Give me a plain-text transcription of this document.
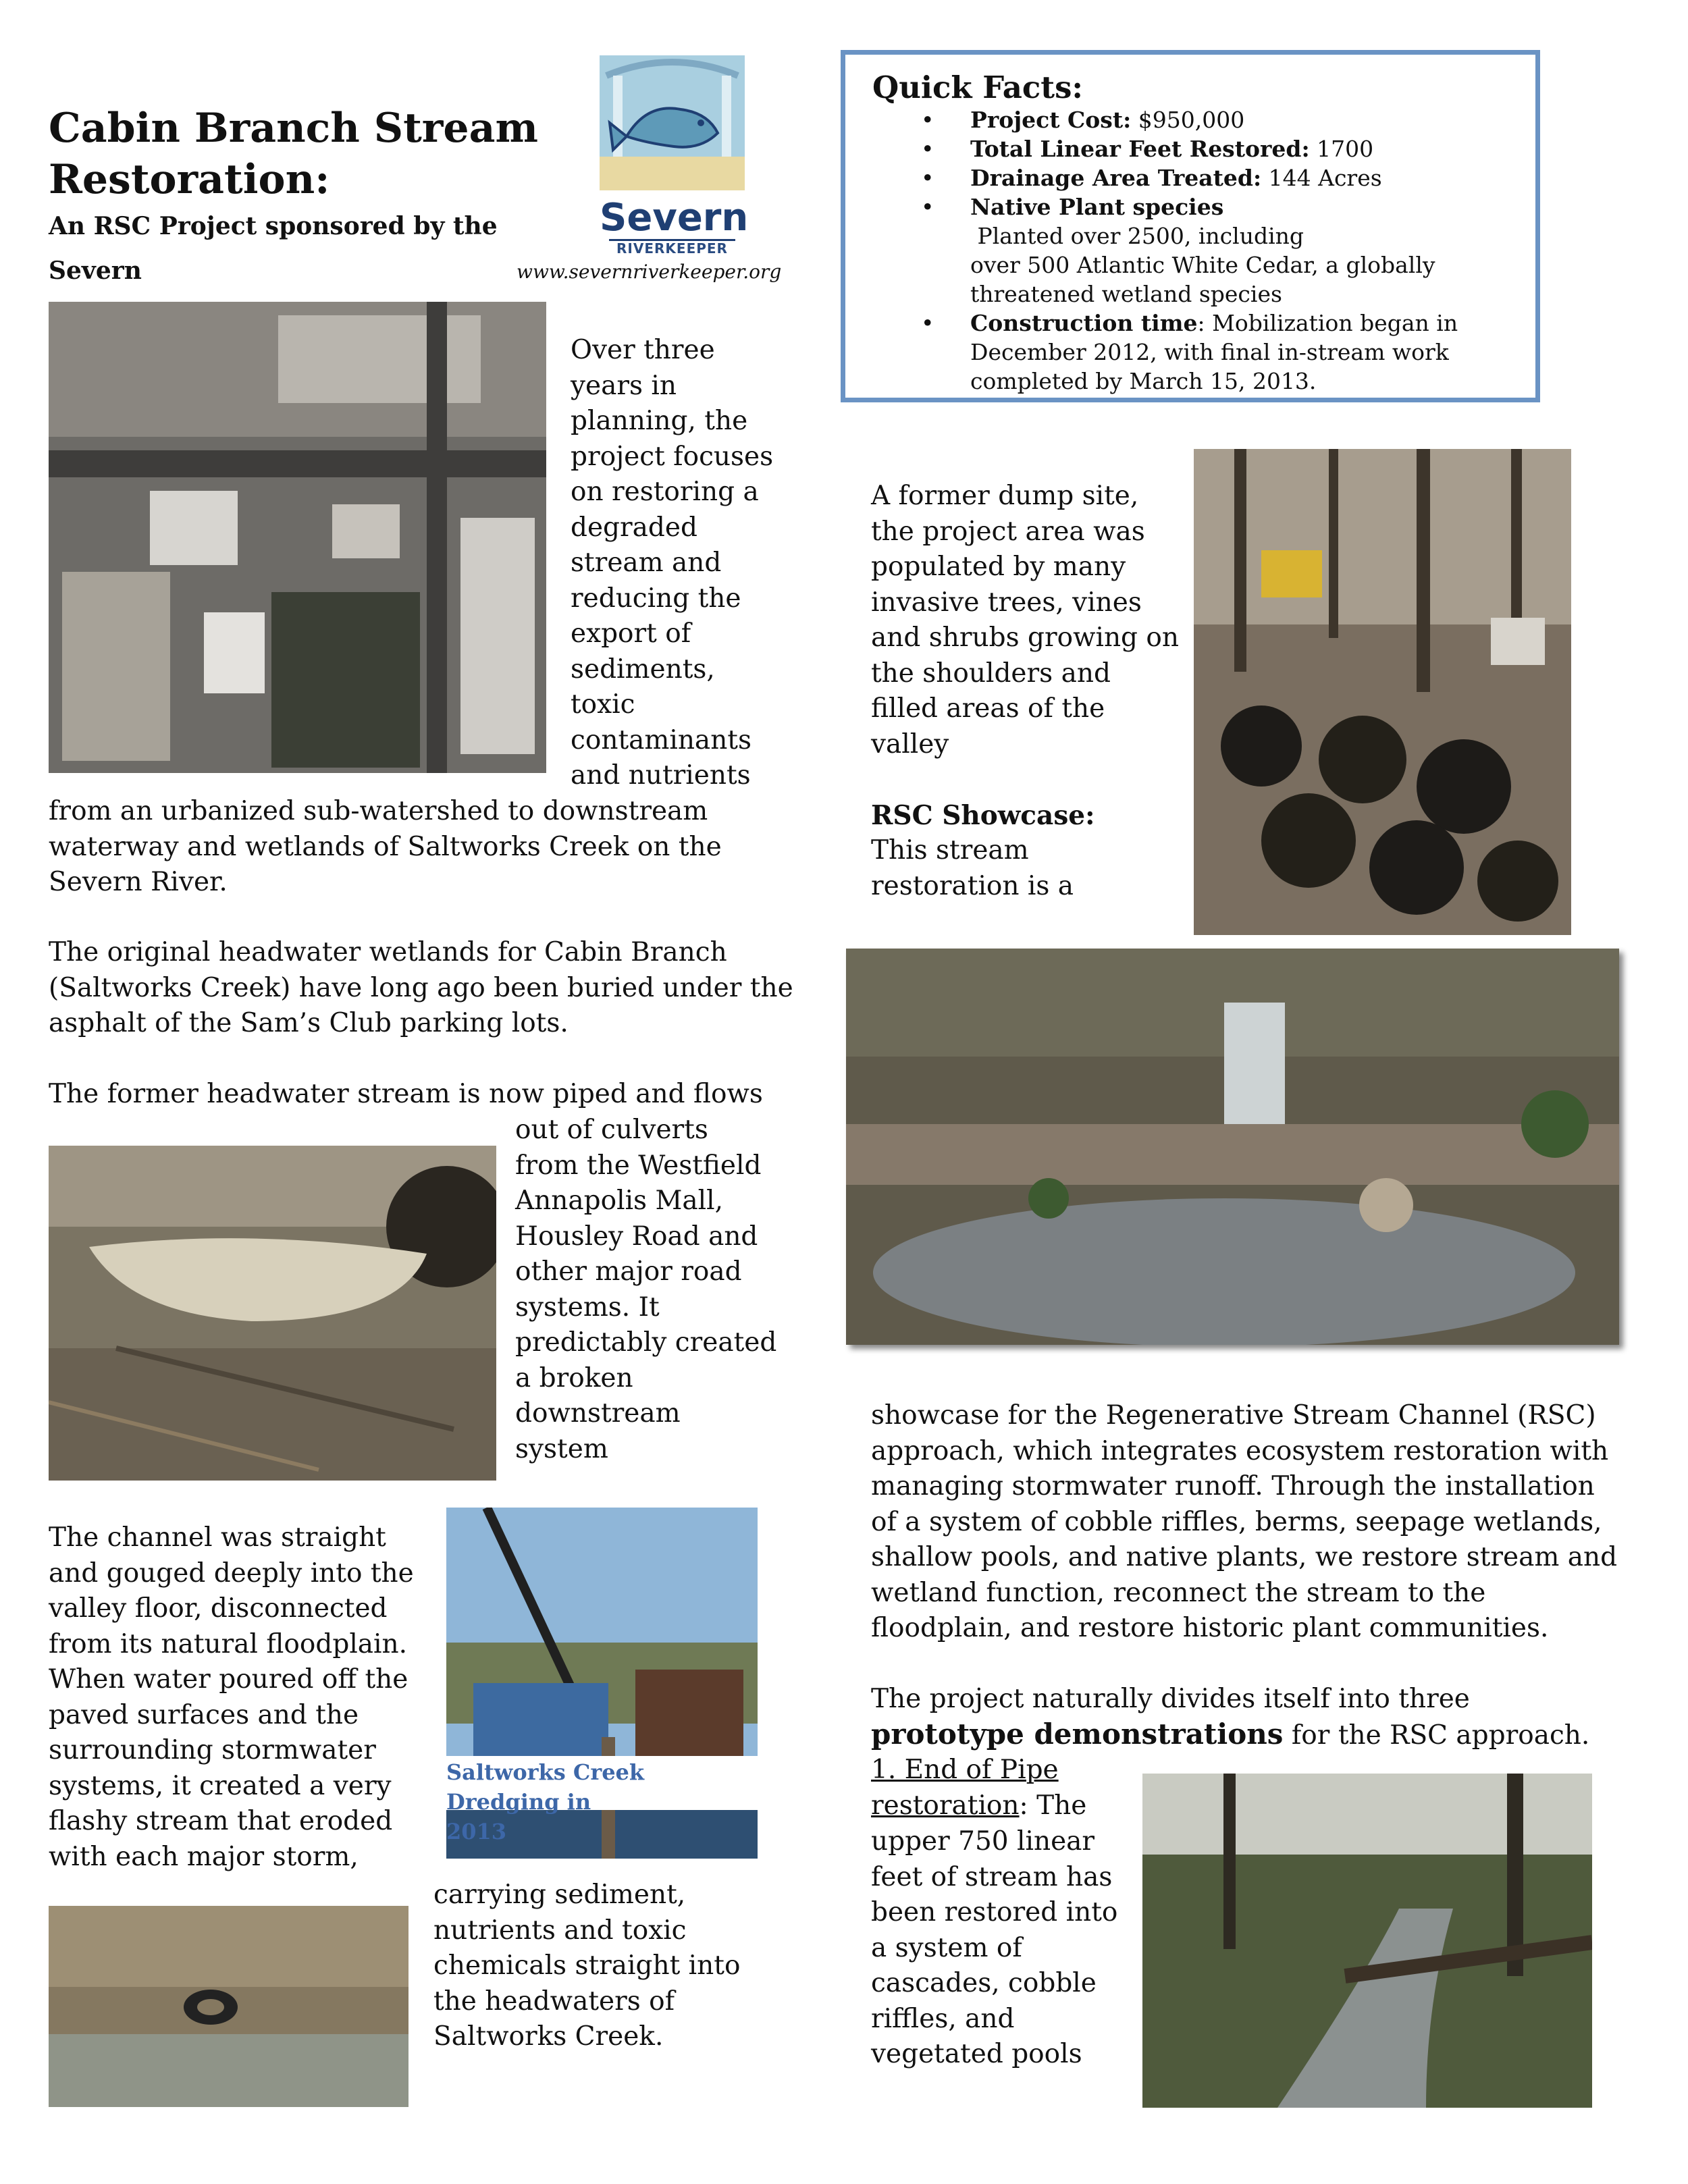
Cabin Branch Stream Restoration:

An RSC Project sponsored by the Severn

Severn
RIVERKEEPER
www.severnriverkeeper.org

Quick Facts:

• Project Cost: $950,000
• Total Linear Feet Restored: 1700
• Drainage Area Treated: 144 Acres
• Native Plant species Planted over 2500, including
over 500 Atlantic White Cedar, a globally
threatened wetland species
• Construction time: Mobilization began in
December 2012, with final in-stream work
completed by March 15, 2013.
Over three
years in
planning, the
project focuses
on restoring a
degraded
stream and
reducing the
export of
sediments,
toxic
contaminants
and nutrients
from an urbanized sub-watershed to downstream
waterway and wetlands of Saltworks Creek on the
Severn River.
The original headwater wetlands for Cabin Branch
(Saltworks Creek) have long ago been buried under the
asphalt of the Sam’s Club parking lots.
The former headwater stream is now piped and flows
out of culverts
from the Westfield
Annapolis Mall,
Housley Road and
other major road
systems. It
predictably created
a broken
downstream
system
Saltworks Creek Dredging in
2013
The channel was straight
and gouged deeply into the
valley floor, disconnected
from its natural floodplain.
When water poured off the
paved surfaces and the
surrounding stormwater
systems, it created a very
flashy stream that eroded
with each major storm,
carrying sediment,
nutrients and toxic
chemicals straight into
the headwaters of
Saltworks Creek.
A former dump site,
the project area was
populated by many
invasive trees, vines
and shrubs growing on
the shoulders and
filled areas of the
valley
RSC Showcase:
This stream
restoration is a
showcase for the Regenerative Stream Channel (RSC)
approach, which integrates ecosystem restoration with
managing stormwater runoff. Through the installation
of a system of cobble riffles, berms, seepage wetlands,
shallow pools, and native plants, we restore stream and
wetland function, reconnect the stream to the
floodplain, and restore historic plant communities.
The project naturally divides itself into three
prototype demonstrations for the RSC approach.
1. End of Pipe
restoration: The
upper 750 linear
feet of stream has
been restored into
a system of
cascades, cobble
riffles, and
vegetated pools
